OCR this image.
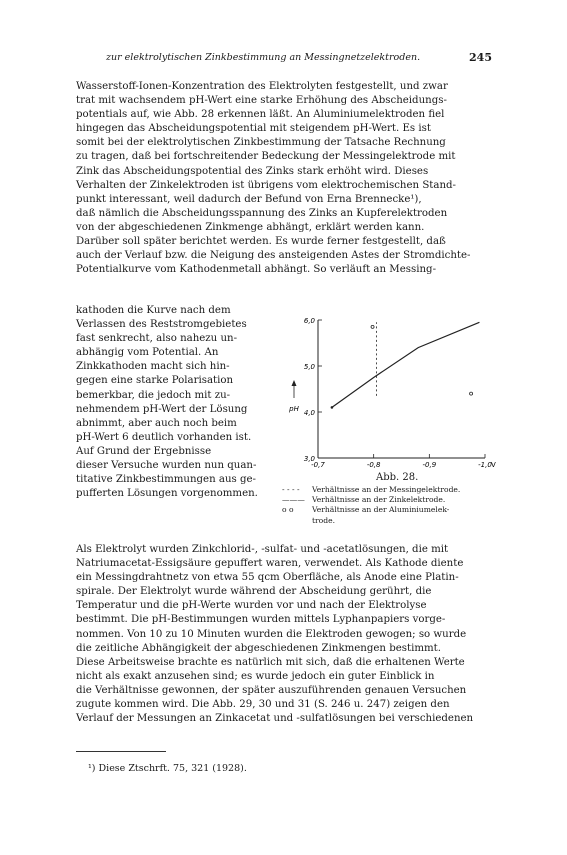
zur elektrolytischen Zinkbestimmung an Messingnetzelektroden.	245
Wasserstoff-Ionen-Konzentration des Elektrolyten festgestellt, und zwar
trat mit wachsendem pH-Wert eine starke Erhöhung des Abscheidungs-
potentials auf, wie Abb. 28 erkennen läßt. An Aluminiumelektroden fiel
hingegen das Abscheidungspotential mit steigendem pH-Wert. Es ist
somit bei der elektrolytischen Zinkbestimmung der Tatsache Rechnung
zu tragen, daß bei fortschreitender Bedeckung der Messingelektrode mit
Zink das Abscheidungspotential des Zinks stark erhöht wird. Dieses
Verhalten der Zinkelektroden ist übrigens vom elektrochemischen Stand-
punkt interessant, weil dadurch der Befund von Erna Brennecke¹),
daß nämlich die Abscheidungsspannung des Zinks an Kupferelektroden
von der abgeschiedenen Zinkmenge abhängt, erklärt werden kann.
Darüber soll später berichtet werden. Es wurde ferner festgestellt, daß
auch der Verlauf bzw. die Neigung des ansteigenden Astes der Stromdichte-
Potentialkurve vom Kathodenmetall abhängt. So verläuft an Messing-
kathoden die Kurve nach dem
Verlassen des Reststromgebietes
fast senkrecht, also nahezu un-
abhängig vom Potential. An
Zinkkathoden macht sich hin-
gegen eine starke Polarisation
bemerkbar, die jedoch mit zu-
nehmendem pH-Wert der Lösung
abnimmt, aber auch noch beim
pH-Wert 6 deutlich vorhanden ist.
Auf Grund der Ergebnisse
dieser Versuche wurden nun quan-
titative Zinkbestimmungen aus ge-
pufferten Lösungen vorgenommen.
3,0
4,0
5,0
6,0
-0,7	-0,8	-0,9	-1,0 V
pH
Abb. 28.
- - - - Verhältnisse an der Messingelektrode.
——— Verhältnisse an der Zinkelektrode.
o o Verhältnisse an der Aluminiumelek-
trode.
Als Elektrolyt wurden Zinkchlorid-, -sulfat- und -acetatlösungen, die mit
Natriumacetat-Essigsäure gepuffert waren, verwendet. Als Kathode diente
ein Messingdrahtnetz von etwa 55 qcm Oberfläche, als Anode eine Platin-
spirale. Der Elektrolyt wurde während der Abscheidung gerührt, die
Temperatur und die pH-Werte wurden vor und nach der Elektrolyse
bestimmt. Die pH-Bestimmungen wurden mittels Lyphanpapiers vorge-
nommen. Von 10 zu 10 Minuten wurden die Elektroden gewogen; so wurde
die zeitliche Abhängigkeit der abgeschiedenen Zinkmengen bestimmt.
Diese Arbeitsweise brachte es natürlich mit sich, daß die erhaltenen Werte
nicht als exakt anzusehen sind; es wurde jedoch ein guter Einblick in
die Verhältnisse gewonnen, der später auszuführenden genauen Versuchen
zugute kommen wird. Die Abb. 29, 30 und 31 (S. 246 u. 247) zeigen den
Verlauf der Messungen an Zinkacetat und -sulfatlösungen bei verschiedenen
¹) Diese Ztschrft. 75, 321 (1928).
